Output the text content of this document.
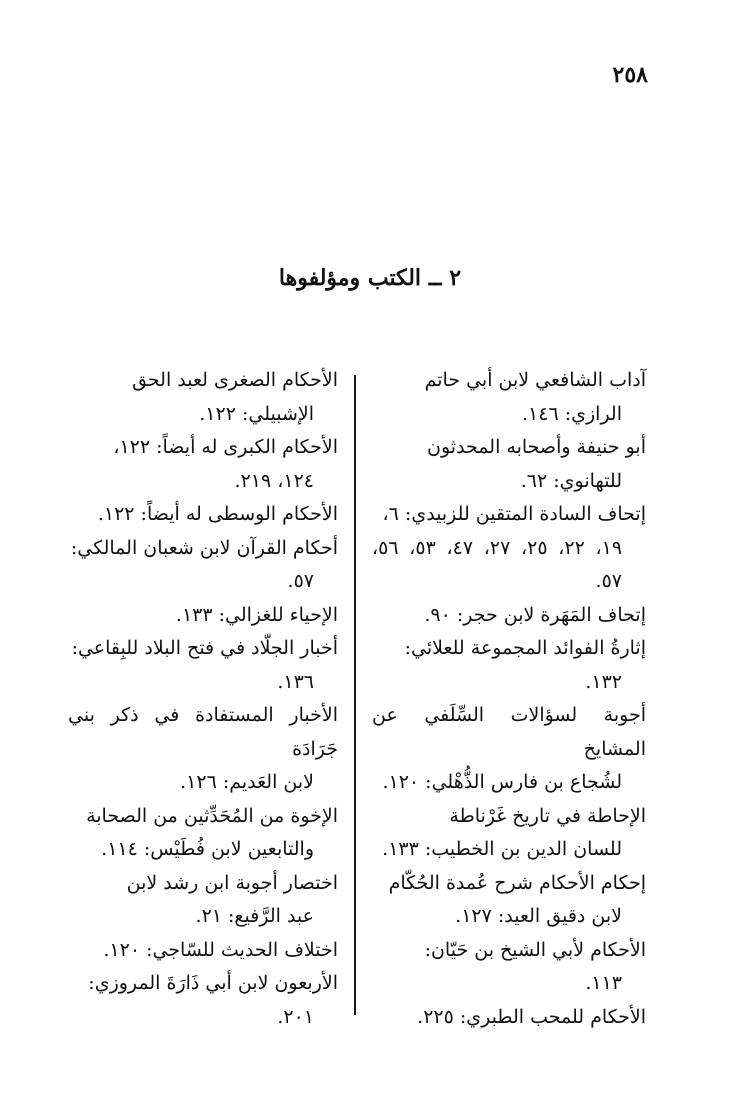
٢٥٨
٢ ــ الكتب ومؤلفوها
آداب الشافعي لابن أبي حاتم
الرازي: ١٤٦.
أبو حنيفة وأصحابه المحدثون
للتهانوي: ٦٢.
إتحاف السادة المتقين للزبيدي: ٦،
١٩، ٢٢، ٢٥، ٢٧، ٤٧، ٥٣، ٥٦، ٥٧.
إتحاف المَهَرة لابن حجر: ٩٠.
إثارةُ الفوائد المجموعة للعلائي:
١٣٢.
أجوبة لسؤالات السِّلَفي عن المشايخ
لشُجاع بن فارس الذُّهْلي: ١٢٠.
الإحاطة في تاريخ غَرْناطة
للسان الدين بن الخطيب: ١٣٣.
إحكام الأحكام شرح عُمدة الحُكّام
لابن دقيق العيد: ١٢٧.
الأحكام لأبي الشيخ بن حَيّان:
١١٣.
الأحكام للمحب الطبري: ٢٢٥.
الأحكام الصغرى لعبد الحق
الإشبيلي: ١٢٢.
الأحكام الكبرى له أيضاً: ١٢٢،
١٢٤، ٢١٩.
الأحكام الوسطى له أيضاً: ١٢٢.
أحكام القرآن لابن شعبان المالكي:
٥٧.
الإحياء للغزالي: ١٣٣.
أخبار الجلّاد في فتح البلاد للبِقاعي:
١٣٦.
الأخبار المستفادة في ذكر بني جَرَادَة
لابن العَديم: ١٢٦.
الإخوة من المُحَدِّثين من الصحابة
والتابعين لابن فُطَيْس: ١١٤.
اختصار أجوبة ابن رشد لابن
عبد الرَّفيع: ٢١.
اختلاف الحديث للسّاجي: ١٢٠.
الأربعون لابن أبي ذَارَةَ المروزي:
٢٠١.
